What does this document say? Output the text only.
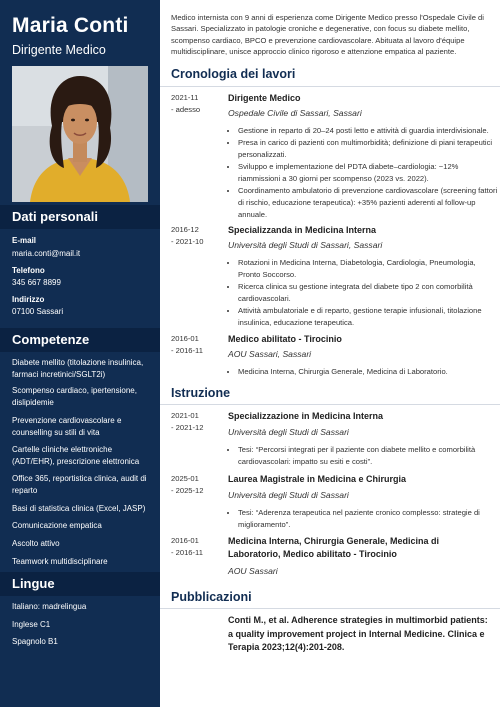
Maria Conti
Dirigente Medico
Dati personali
E-mail
maria.conti@mail.it
Telefono
345 667 8899
Indirizzo
07100 Sassari
Competenze
Diabete mellito (titolazione insulinica, farmaci incretinici/SGLT2i)
Scompenso cardiaco, ipertensione, dislipidemie
Prevenzione cardiovascolare e counselling su stili di vita
Cartelle cliniche elettroniche (ADT/EHR), prescrizione elettronica
Office 365, reportistica clinica, audit di reparto
Basi di statistica clinica (Excel, JASP)
Comunicazione empatica
Ascolto attivo
Teamwork multidisciplinare
Lingue
Italiano: madrelingua
Inglese C1
Spagnolo B1
Medico internista con 9 anni di esperienza come Dirigente Medico presso l'Ospedale Civile di Sassari. Specializzato in patologie croniche e degenerative, con focus su diabete mellito, scompenso cardiaco, BPCO e prevenzione cardiovascolare. Abituata al lavoro d'équipe multidisciplinare, unisce approccio clinico rigoroso e attenzione empatica al paziente.
Cronologia dei lavori
2021-11
- adesso
Dirigente Medico
Ospedale Civile di Sassari, Sassari
• Gestione in reparto di 20–24 posti letto e attività di guardia interdivisionale.
• Presa in carico di pazienti con multimorbidità; definizione di piani terapeutici personalizzati.
• Sviluppo e implementazione del PDTA diabete–cardiologia: −12% riammissioni a 30 giorni per scompenso (2023 vs. 2022).
• Coordinamento ambulatorio di prevenzione cardiovascolare (screening fattori di rischio, educazione terapeutica): +35% pazienti aderenti al follow-up annuale.
2016-12
- 2021-10
Specializzanda in Medicina Interna
Università degli Studi di Sassari, Sassari
• Rotazioni in Medicina Interna, Diabetologia, Cardiologia, Pneumologia, Pronto Soccorso.
• Ricerca clinica su gestione integrata del diabete tipo 2 con comorbilità cardiovascolari.
• Attività ambulatoriale e di reparto, gestione terapie infusionali, titolazione insulinica, educazione terapeutica.
2016-01
- 2016-11
Medico abilitato - Tirocinio
AOU Sassari, Sassari
• Medicina Interna, Chirurgia Generale, Medicina di Laboratorio.
Istruzione
2021-01
- 2021-12
Specializzazione in Medicina Interna
Università degli Studi di Sassari
• Tesi: “Percorsi integrati per il paziente con diabete mellito e comorbilità cardiovascolari: impatto su esiti e costi”.
2025-01
- 2025-12
Laurea Magistrale in Medicina e Chirurgia
Università degli Studi di Sassari
• Tesi: “Aderenza terapeutica nel paziente cronico complesso: strategie di miglioramento”.
2016-01
- 2016-11
Medicina Interna, Chirurgia Generale, Medicina di Laboratorio, Medico abilitato - Tirocinio
AOU Sassari
Pubblicazioni
Conti M., et al. Adherence strategies in multimorbid patients: a quality improvement project in Internal Medicine. Clinica e Terapia 2023;12(4):201-208.
